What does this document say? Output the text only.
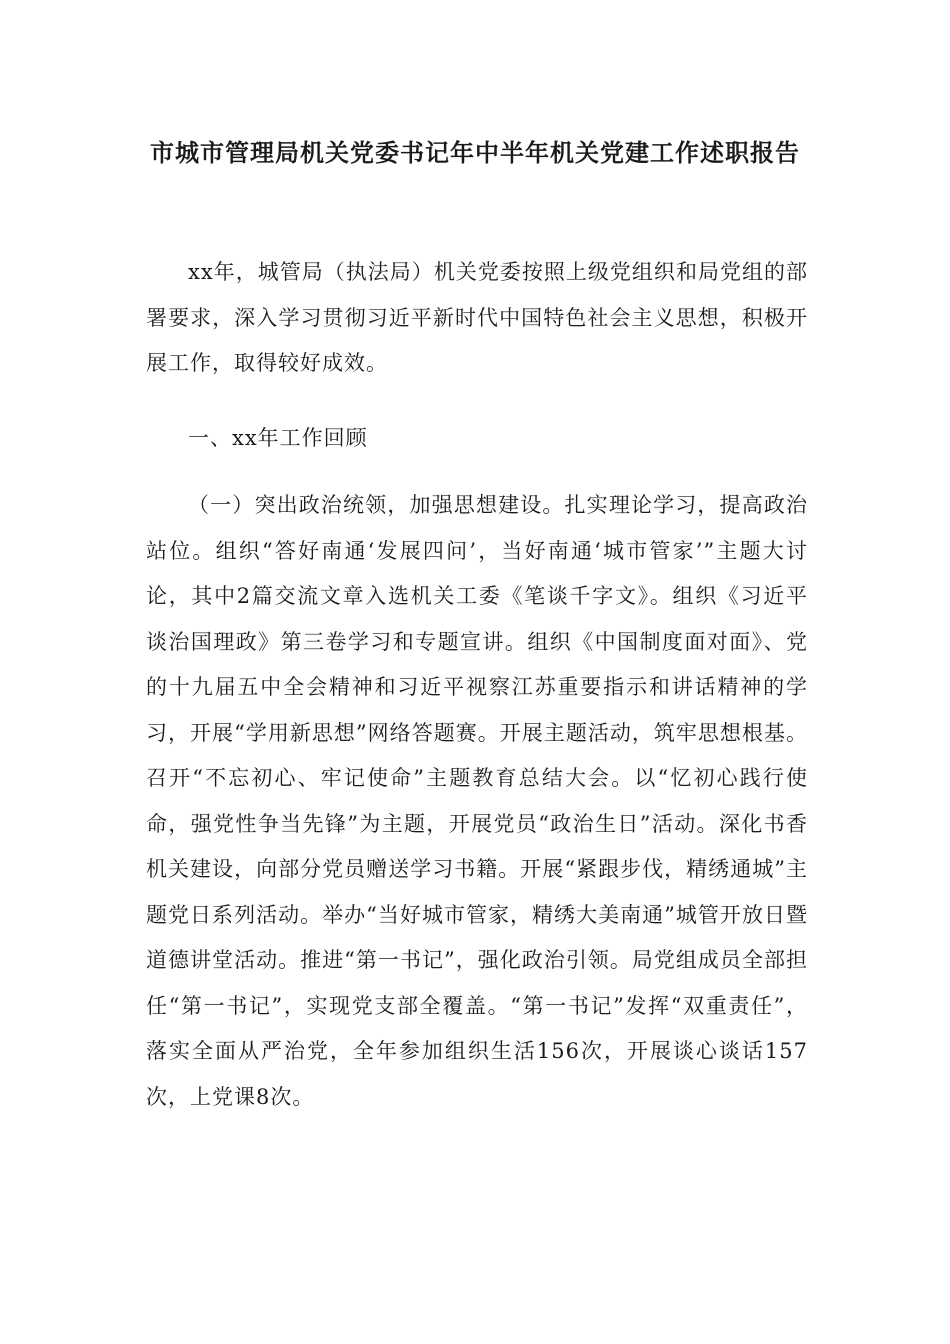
市城市管理局机关党委书记年中半年机关党建工作述职报告

xx年，城管局（执法局）机关党委按照上级党组织和局党组的部署要求，深入学习贯彻习近平新时代中国特色社会主义思想，积极开展工作，取得较好成效。

一、xx年工作回顾

（一）突出政治统领，加强思想建设。扎实理论学习，提高政治站位。组织“答好南通‘发展四问’，当好南通‘城市管家’”主题大讨论，其中2篇交流文章入选机关工委《笔谈千字文》。组织《习近平谈治国理政》第三卷学习和专题宣讲。组织《中国制度面对面》、党的十九届五中全会精神和习近平视察江苏重要指示和讲话精神的学习，开展“学用新思想”网络答题赛。开展主题活动，筑牢思想根基。召开“不忘初心、牢记使命”主题教育总结大会。以“忆初心践行使命，强党性争当先锋”为主题，开展党员“政治生日”活动。深化书香机关建设，向部分党员赠送学习书籍。开展“紧跟步伐，精绣通城”主题党日系列活动。举办“当好城市管家，精绣大美南通”城管开放日暨道德讲堂活动。推进“第一书记”，强化政治引领。局党组成员全部担任“第一书记”，实现党支部全覆盖。“第一书记”发挥“双重责任”，落实全面从严治党，全年参加组织生活156次，开展谈心谈话157次，上党课8次。
